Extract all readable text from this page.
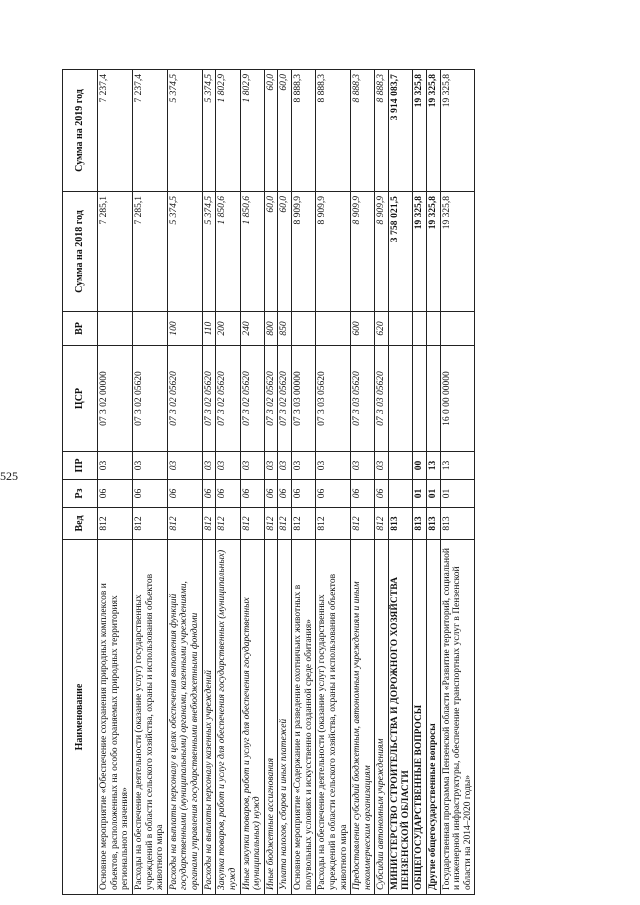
525
Наименование	Вед	Рз	ПР	ЦСР	ВР	Сумма на 2018 год	Сумма на 2019 год
Основное мероприятие «Обеспечение сохранения природных комплексов и объектов, расположенных на особо охраняемых природных территориях регионального значения»	812	06	03	07 3 02 00000		7 285,1	7 237,4
Расходы на обеспечение деятельности (оказание услуг) государственных учреждений в области сельского хозяйства, охраны и использования объектов животного мира	812	06	03	07 3 02 05620		7 285,1	7 237,4
Расходы на выплаты персоналу в целях обеспечения выполнения функций государственными (муниципальными) органами, казенными учреждениями, органами управления государственными внебюджетными фондами	812	06	03	07 3 02 05620	100	5 374,5	5 374,5
Расходы на выплаты персоналу казенных учреждений	812	06	03	07 3 02 05620	110	5 374,5	5 374,5
Закупка товаров, работ и услуг для обеспечения государственных (муниципальных) нужд	812	06	03	07 3 02 05620	200	1 850,6	1 802,9
Иные закупки товаров, работ и услуг для обеспечения государственных (муниципальных) нужд	812	06	03	07 3 02 05620	240	1 850,6	1 802,9
Иные бюджетные ассигнования	812	06	03	07 3 02 05620	800	60,0	60,0
Уплата налогов, сборов и иных платежей	812	06	03	07 3 02 05620	850	60,0	60,0
Основное мероприятие «Содержание и разведение охотничьих животных в полувольных условиях и искусственно созданной среде обитания»	812	06	03	07 3 03 00000		8 909,9	8 888,3
Расходы на обеспечение деятельности (оказание услуг) государственных учреждений в области сельского хозяйства, охраны и использования объектов животного мира	812	06	03	07 3 03 05620		8 909,9	8 888,3
Предоставление субсидий бюджетным, автономным учреждениям и иным некоммерческим организациям	812	06	03	07 3 03 05620	600	8 909,9	8 888,3
Субсидии автономным учреждениям	812	06	03	07 3 03 05620	620	8 909,9	8 888,3
МИНИСТЕРСТВО СТРОИТЕЛЬСТВА И ДОРОЖНОГО ХОЗЯЙСТВА ПЕНЗЕНСКОЙ ОБЛАСТИ	813					3 758 021,5	3 914 083,7
ОБЩЕГОСУДАРСТВЕННЫЕ ВОПРОСЫ	813	01	00			19 325,8	19 325,8
Другие общегосударственные вопросы	813	01	13			19 325,8	19 325,8
Государственная программа Пензенской области «Развитие территорий, социальной и инженерной инфраструктуры, обеспечение транспортных услуг в Пензенской области на 2014–2020 годы»	813	01	13	16 0 00 00000		19 325,8	19 325,8
